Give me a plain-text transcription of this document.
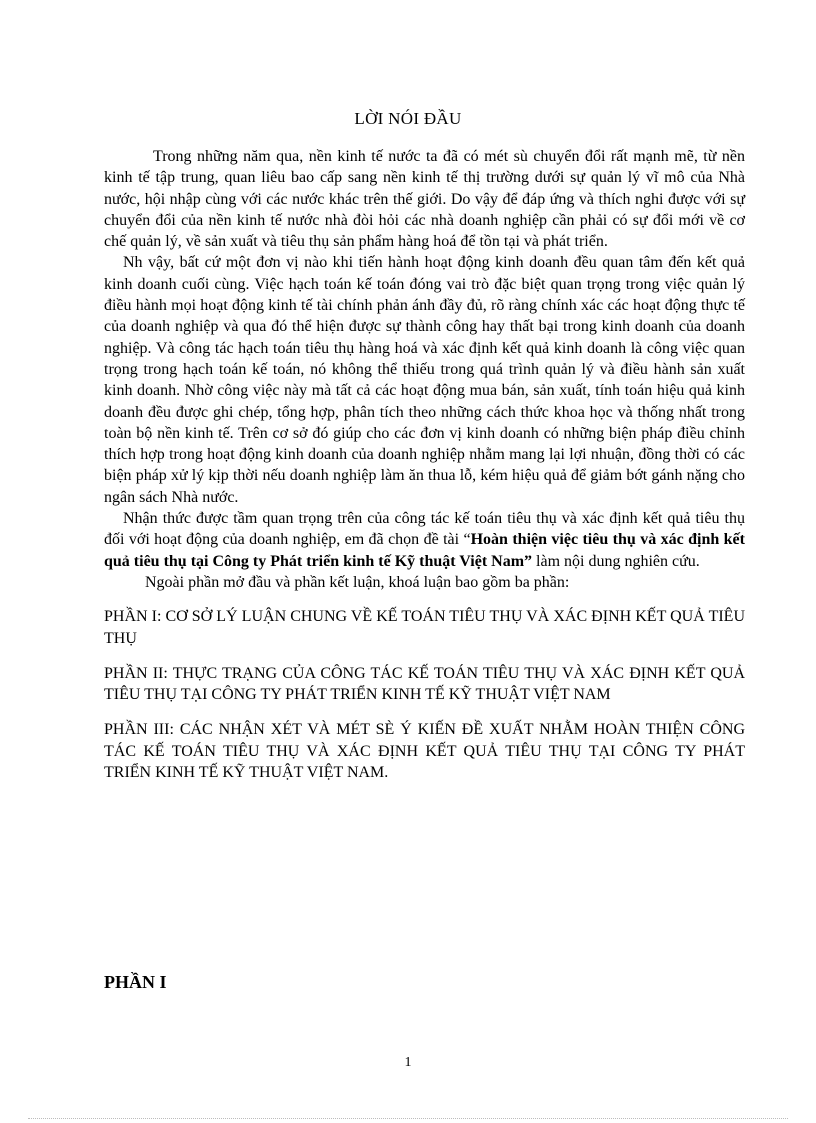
LỜI NÓI ĐẦU

Trong những năm qua, nền kinh tế nước ta đã có mét sù chuyển đổi rất mạnh mẽ, từ nền kinh tế tập trung, quan liêu bao cấp sang nền kinh tế thị trường dưới sự quản lý vĩ mô của Nhà nước, hội nhập cùng với các nước khác trên thế giới. Do vậy để đáp ứng và thích nghi được với sự chuyển đổi của nền kinh tế nước nhà đòi hỏi các nhà doanh nghiệp cần phải có sự đổi mới về cơ chế quản lý, về sản xuất và tiêu thụ sản phẩm hàng hoá để tồn tại và phát triển.

Nh vậy, bất cứ một đơn vị nào khi tiến hành hoạt động kinh doanh đều quan tâm đến kết quả kinh doanh cuối cùng. Việc hạch toán kế toán đóng vai trò đặc biệt quan trọng trong việc quản lý điều hành mọi hoạt động kinh tế tài chính phản ánh đầy đủ, rõ ràng chính xác các hoạt động thực tế của doanh nghiệp và qua đó thể hiện được sự thành công hay thất bại trong kinh doanh của doanh nghiệp. Và công tác hạch toán tiêu thụ hàng hoá và xác định kết quả kinh doanh là công việc quan trọng trong hạch toán kế toán, nó không thể thiếu trong quá trình quản lý và điều hành sản xuất kinh doanh. Nhờ công việc này mà tất cả các hoạt động mua bán, sản xuất, tính toán hiệu quả kinh doanh đều được ghi chép, tổng hợp, phân tích theo những cách thức khoa học và thống nhất trong toàn bộ nền kinh tế. Trên cơ sở đó giúp cho các đơn vị kinh doanh có những biện pháp điều chỉnh thích hợp trong hoạt động kinh doanh của doanh nghiệp nhằm mang lại lợi nhuận, đồng thời có các biện pháp xử lý kịp thời nếu doanh nghiệp làm ăn thua lỗ, kém hiệu quả để giảm bớt gánh nặng cho ngân sách Nhà nước.

Nhận thức được tầm quan trọng trên của công tác kế toán tiêu thụ và xác định kết quả tiêu thụ đối với hoạt động của doanh nghiệp, em đã chọn đề tài “Hoàn thiện việc tiêu thụ và xác định kết quả tiêu thụ tại Công ty Phát triển kinh tế Kỹ thuật Việt Nam” làm nội dung nghiên cứu.

Ngoài phần mở đầu và phần kết luận, khoá luận bao gồm ba phần:

PHẦN I: CƠ SỞ LÝ LUẬN CHUNG VỀ KẾ TOÁN TIÊU THỤ VÀ XÁC ĐỊNH KẾT QUẢ TIÊU THỤ

PHẦN II: THỰC TRẠNG CỦA CÔNG TÁC KẾ TOÁN TIÊU THỤ VÀ XÁC ĐỊNH KẾT QUẢ TIÊU THỤ TẠI CÔNG TY PHÁT TRIỂN KINH TẾ KỸ THUẬT VIỆT NAM

PHẦN III: CÁC NHẬN XÉT VÀ MÉT SÈ Ý KIẾN ĐỀ XUẤT NHẰM HOÀN THIỆN CÔNG TÁC KẾ TOÁN TIÊU THỤ VÀ XÁC ĐỊNH KẾT QUẢ TIÊU THỤ TẠI CÔNG TY PHÁT TRIỂN KINH TẾ KỸ THUẬT VIỆT NAM.

PHẦN I
1
